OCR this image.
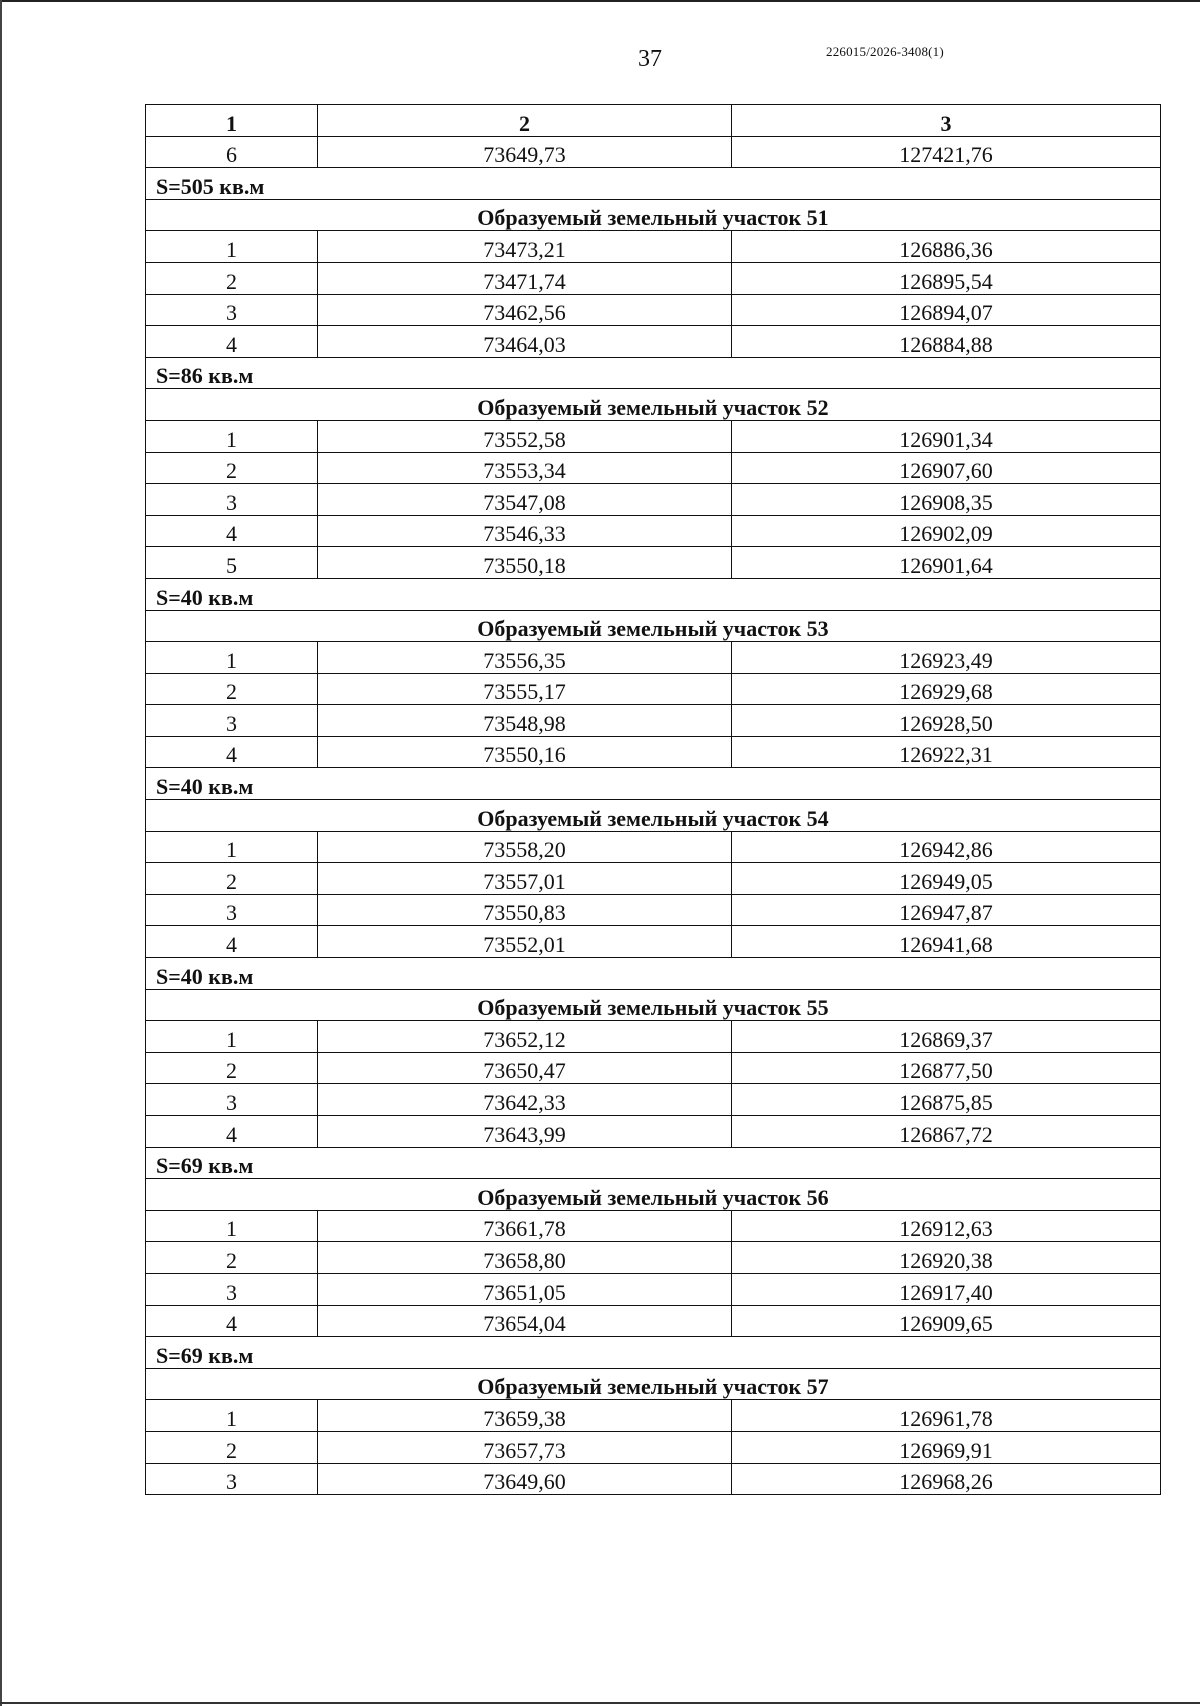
37	226015/2026-3408(1)
1	2	3
6	73649,73	127421,76
S=505 кв.м		
Образуемый земельный участок 51		
1	73473,21	126886,36
2	73471,74	126895,54
3	73462,56	126894,07
4	73464,03	126884,88
S=86 кв.м		
Образуемый земельный участок 52		
1	73552,58	126901,34
2	73553,34	126907,60
3	73547,08	126908,35
4	73546,33	126902,09
5	73550,18	126901,64
S=40 кв.м		
Образуемый земельный участок 53		
1	73556,35	126923,49
2	73555,17	126929,68
3	73548,98	126928,50
4	73550,16	126922,31
S=40 кв.м		
Образуемый земельный участок 54		
1	73558,20	126942,86
2	73557,01	126949,05
3	73550,83	126947,87
4	73552,01	126941,68
S=40 кв.м		
Образуемый земельный участок 55		
1	73652,12	126869,37
2	73650,47	126877,50
3	73642,33	126875,85
4	73643,99	126867,72
S=69 кв.м		
Образуемый земельный участок 56		
1	73661,78	126912,63
2	73658,80	126920,38
3	73651,05	126917,40
4	73654,04	126909,65
S=69 кв.м		
Образуемый земельный участок 57		
1	73659,38	126961,78
2	73657,73	126969,91
3	73649,60	126968,26
